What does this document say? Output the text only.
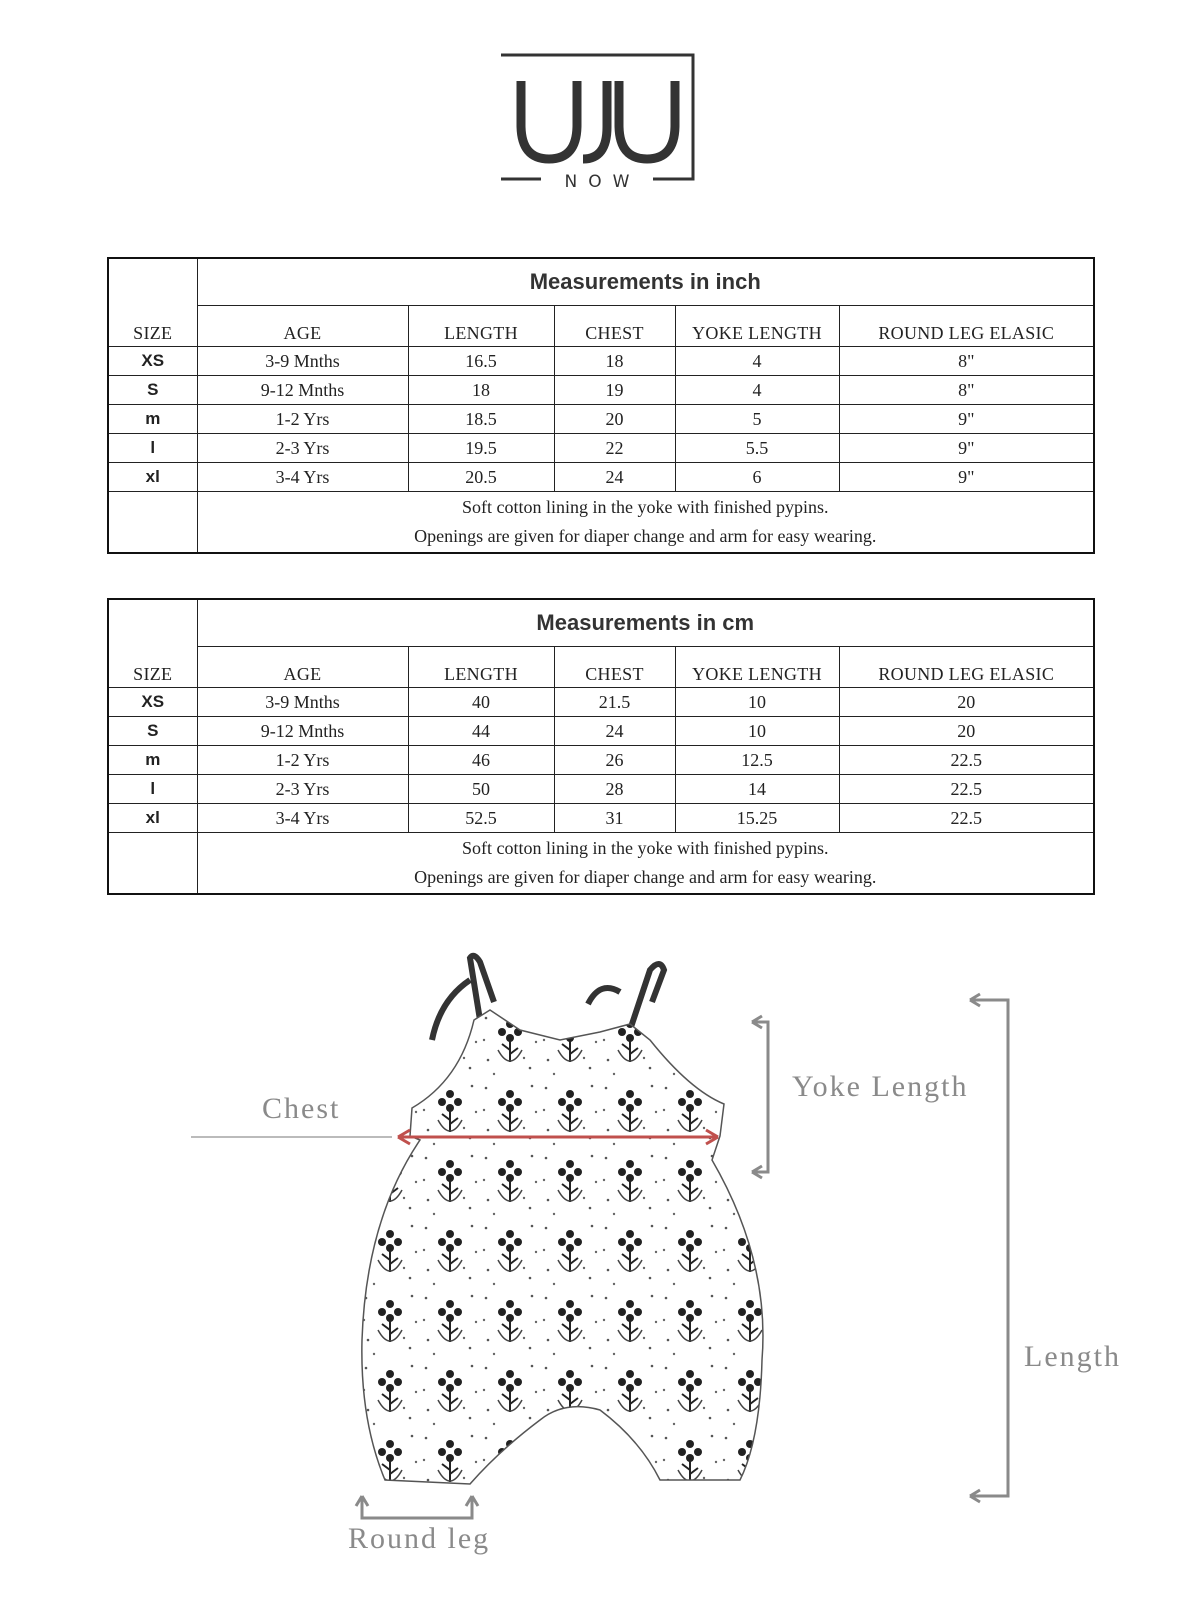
VJV
NOW
	Measurements in inch				
SIZE	AGE	LENGTH	CHEST	YOKE LENGTH	ROUND LEG ELASIC
XS	3-9 Mnths	16.5	18	4	8"
S	9-12 Mnths	18	19	4	8"
m	1-2 Yrs	18.5	20	5	9"
l	2-3 Yrs	19.5	22	5.5	9"
xl	3-4 Yrs	20.5	24	6	9"

	Soft cotton lining in the yoke with finished pypins.
Openings are given for diaper change and arm for easy wearing.				
	Measurements in cm				
SIZE	AGE	LENGTH	CHEST	YOKE LENGTH	ROUND LEG ELASIC
XS	3-9 Mnths	40	21.5	10	20
S	9-12 Mnths	44	24	10	20
m	1-2 Yrs	46	26	12.5	22.5
l	2-3 Yrs	50	28	14	22.5
xl	3-4 Yrs	52.5	31	15.25	22.5

	Soft cotton lining in the yoke with finished pypins.
Openings are given for diaper change and arm for easy wearing.				
Chest
Yoke Length
Length
Round leg
